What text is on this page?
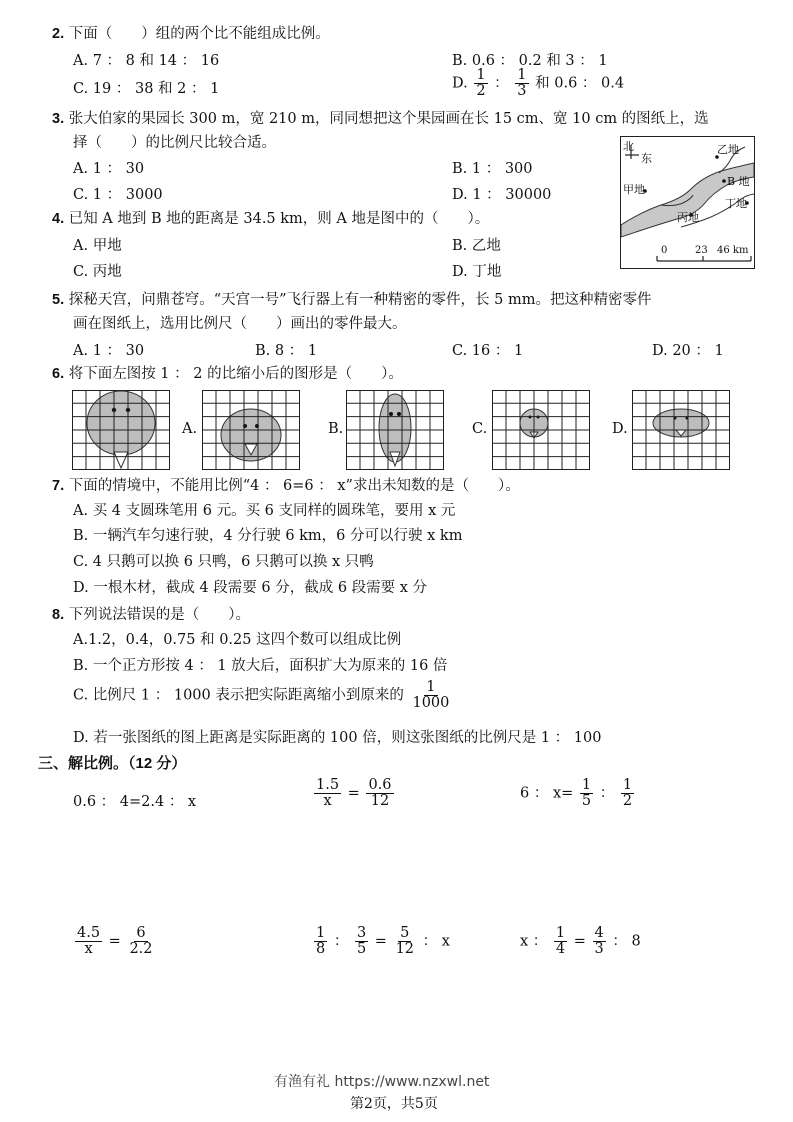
2. 下面（　　）组的两个比不能组成比例。
A. 7 ： 8 和 14 ： 16	B. 0.6 ： 0.2 和 3 ： 1
C. 19 ： 38 和 2 ： 1	D. $\frac{1}{2}$ ： $\frac{1}{3}$ 和 0.6 ： 0.4
3. 张大伯家的果园长 300 m，宽 210 m，同同想把这个果园画在长 15 cm、宽 10 cm 的图纸上，选
择（　　）的比例尺比较合适。
A. 1 ： 30	B. 1 ： 300
C. 1 ： 3000	D. 1 ： 30000
北
东
乙地
甲地
B 地
丁地
丙地
0	23 46 km
4. 已知 A 地到 B 地的距离是 34.5 km，则 A 地是图中的（　　）。
A. 甲地	B. 乙地
C. 丙地	D. 丁地
5. 探秘天宫，问鼎苍穹。“天宫一号”飞行器上有一种精密的零件，长 5 mm。把这种精密零件
画在图纸上，选用比例尺（　　）画出的零件最大。
A. 1 ： 30	B. 8 ： 1	C. 16 ： 1	D. 20 ： 1
6. 将下面左图按 1 ： 2 的比缩小后的图形是（　　）。
A.	B.	C.	D.
7. 下面的情境中，不能用比例“4 ： 6=6 ： x”求出未知数的是（　　）。
A. 买 4 支圆珠笔用 6 元。买 6 支同样的圆珠笔，要用 x 元
B. 一辆汽车匀速行驶，4 分行驶 6 km，6 分可以行驶 x km
C. 4 只鹅可以换 6 只鸭，6 只鹅可以换 x 只鸭
D. 一根木材，截成 4 段需要 6 分，截成 6 段需要 x 分
8. 下列说法错误的是（　　）。
A.1.2，0.4，0.75 和 0.25 这四个数可以组成比例
B. 一个正方形按 4 ： 1 放大后，面积扩大为原来的 16 倍
C. 比例尺 1 ： 1000 表示把实际距离缩小到原来的 $\frac{1}{1000}$
D. 若一张图纸的图上距离是实际距离的 100 倍，则这张图纸的比例尺是 1 ： 100
三、解比例。（12 分）
0.6 ： 4=2.4 ： x	$\frac{1.5}{x} = \frac{0.6}{12}$	6 ： $x= \frac{1}{5}$ ： $\frac{1}{2}$
$\frac{4.5}{x} = \frac{6}{2.2}$	$\frac{1}{8}$ ： $\frac{3}{5} = \frac{5}{12}$ ： x	x ： $\frac{1}{4} = \frac{4}{3}$ ： 8
有渔有礼 https://www.nzxwl.net
第2页，共5页
